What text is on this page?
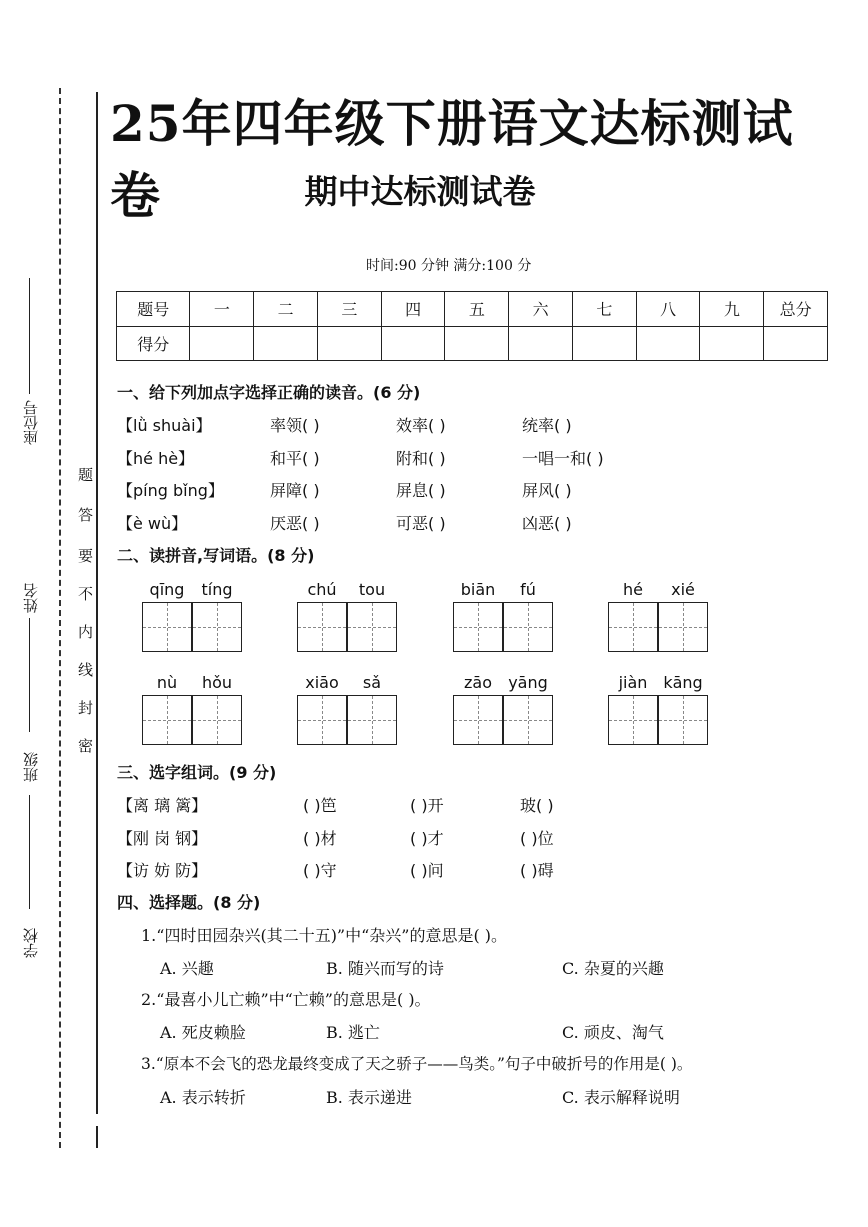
座位号
姓名
班级
学校
密
封
线
内
不
要
答
题
25年四年级下册语文达标测试卷	期中达标测试卷
时间:90 分钟 满分:100 分
题号	一	二	三	四	五	六	七	八	九	总分
得分										
一、给下列加点字选择正确的读音。(6 分)
【lǜ shuài】	率领( )	效率( )	统率( )
【hé hè】	和平( )	附和( )	一唱一和( )
【píng bǐng】	屏障( )	屏息( )	屏风( )
【è wù】	厌恶( )	可恶( )	凶恶( )
二、读拼音,写词语。(8 分)
qīng	tíng	chú	tou	biān	fú	hé	xié
nù	hǒu	xiāo	sǎ	zāo	yāng	jiàn kāng
三、选字组词。(9 分)
【离 璃 篱】	( )笆	( )开	玻( )
【刚 岗 钢】	( )材	( )才	( )位
【访 妨 防】	( )守	( )问	( )碍
四、选择题。(8 分)
1.“四时田园杂兴(其二十五)”中“杂兴”的意思是( )。
A. 兴趣	B. 随兴而写的诗	C. 杂夏的兴趣
2.“最喜小儿亡赖”中“亡赖”的意思是( )。
A. 死皮赖脸	B. 逃亡	C. 顽皮、淘气
3.“原本不会飞的恐龙最终变成了天之骄子——鸟类。”句子中破折号的作用是( )。
A. 表示转折	B. 表示递进	C. 表示解释说明
